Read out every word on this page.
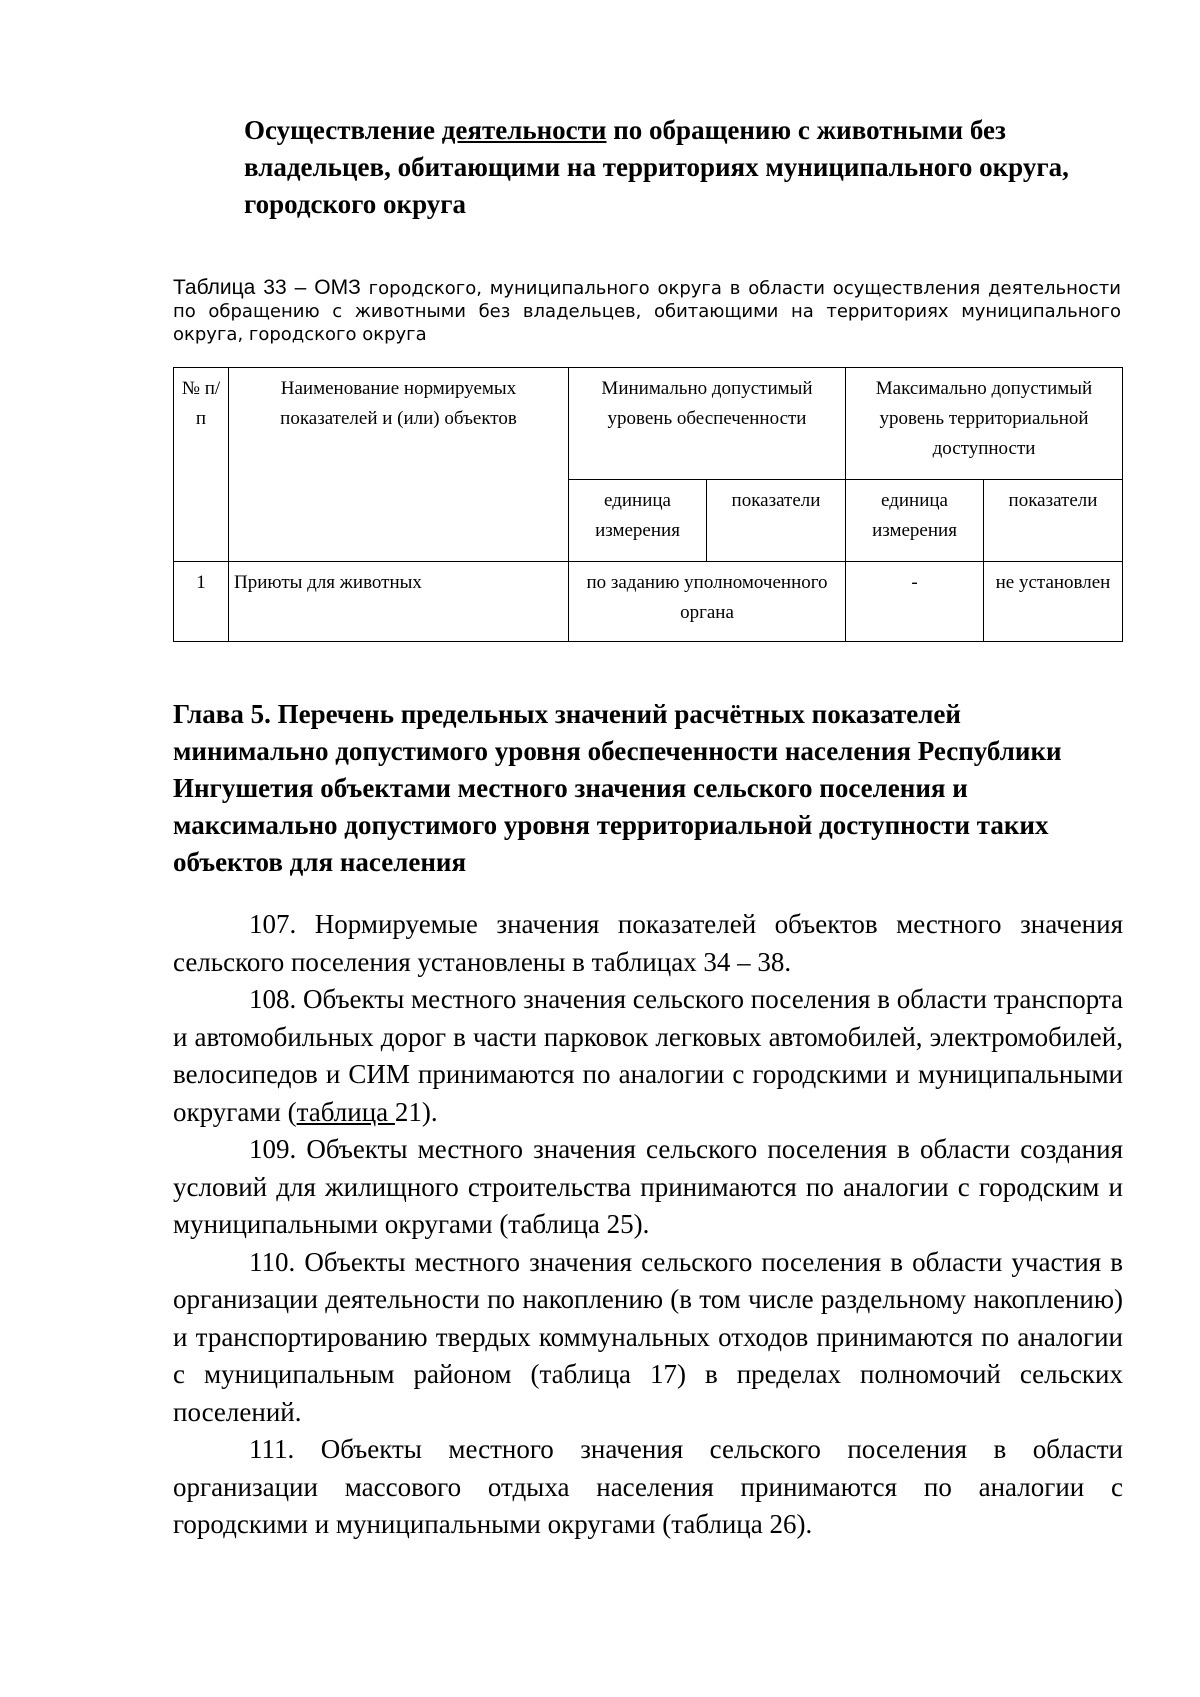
Осуществление деятельности по обращению с животными без владельцев, обитающими на территориях муниципального округа, городского округа

Таблица 33 – ОМЗ городского, муниципального округа в области осуществления деятельности по обращению с животными без владельцев, обитающими на территориях муниципального округа, городского округа

№ п/п	Наименование нормируемых показателей и (или) объектов	Минимально допустимый уровень обеспеченности		Максимально допустимый уровень территориальной доступности	
		единица измерения	показатели	единица измерения	показатели
1	Приюты для животных	по заданию уполномоченного органа		-	не установлен
Глава 5. Перечень предельных значений расчётных показателей минимально допустимого уровня обеспеченности населения Республики Ингушетия объектами местного значения сельского поселения и максимально допустимого уровня территориальной доступности таких объектов для населения

107. Нормируемые значения показателей объектов местного значения сельского поселения установлены в таблицах 34 – 38.

108. Объекты местного значения сельского поселения в области транспорта и автомобильных дорог в части парковок легковых автомобилей, электромобилей, велосипедов и СИМ принимаются по аналогии с городскими и муниципальными округами (таблица 21).

109. Объекты местного значения сельского поселения в области создания условий для жилищного строительства принимаются по аналогии с городским и муниципальными округами (таблица 25).

110. Объекты местного значения сельского поселения в области участия в организации деятельности по накоплению (в том числе раздельному накоплению) и транспортированию твердых коммунальных отходов принимаются по аналогии с муниципальным районом (таблица 17) в пределах полномочий сельских поселений.

111. Объекты местного значения сельского поселения в области организации массового отдыха населения принимаются по аналогии с городскими и муниципальными округами (таблица 26).
